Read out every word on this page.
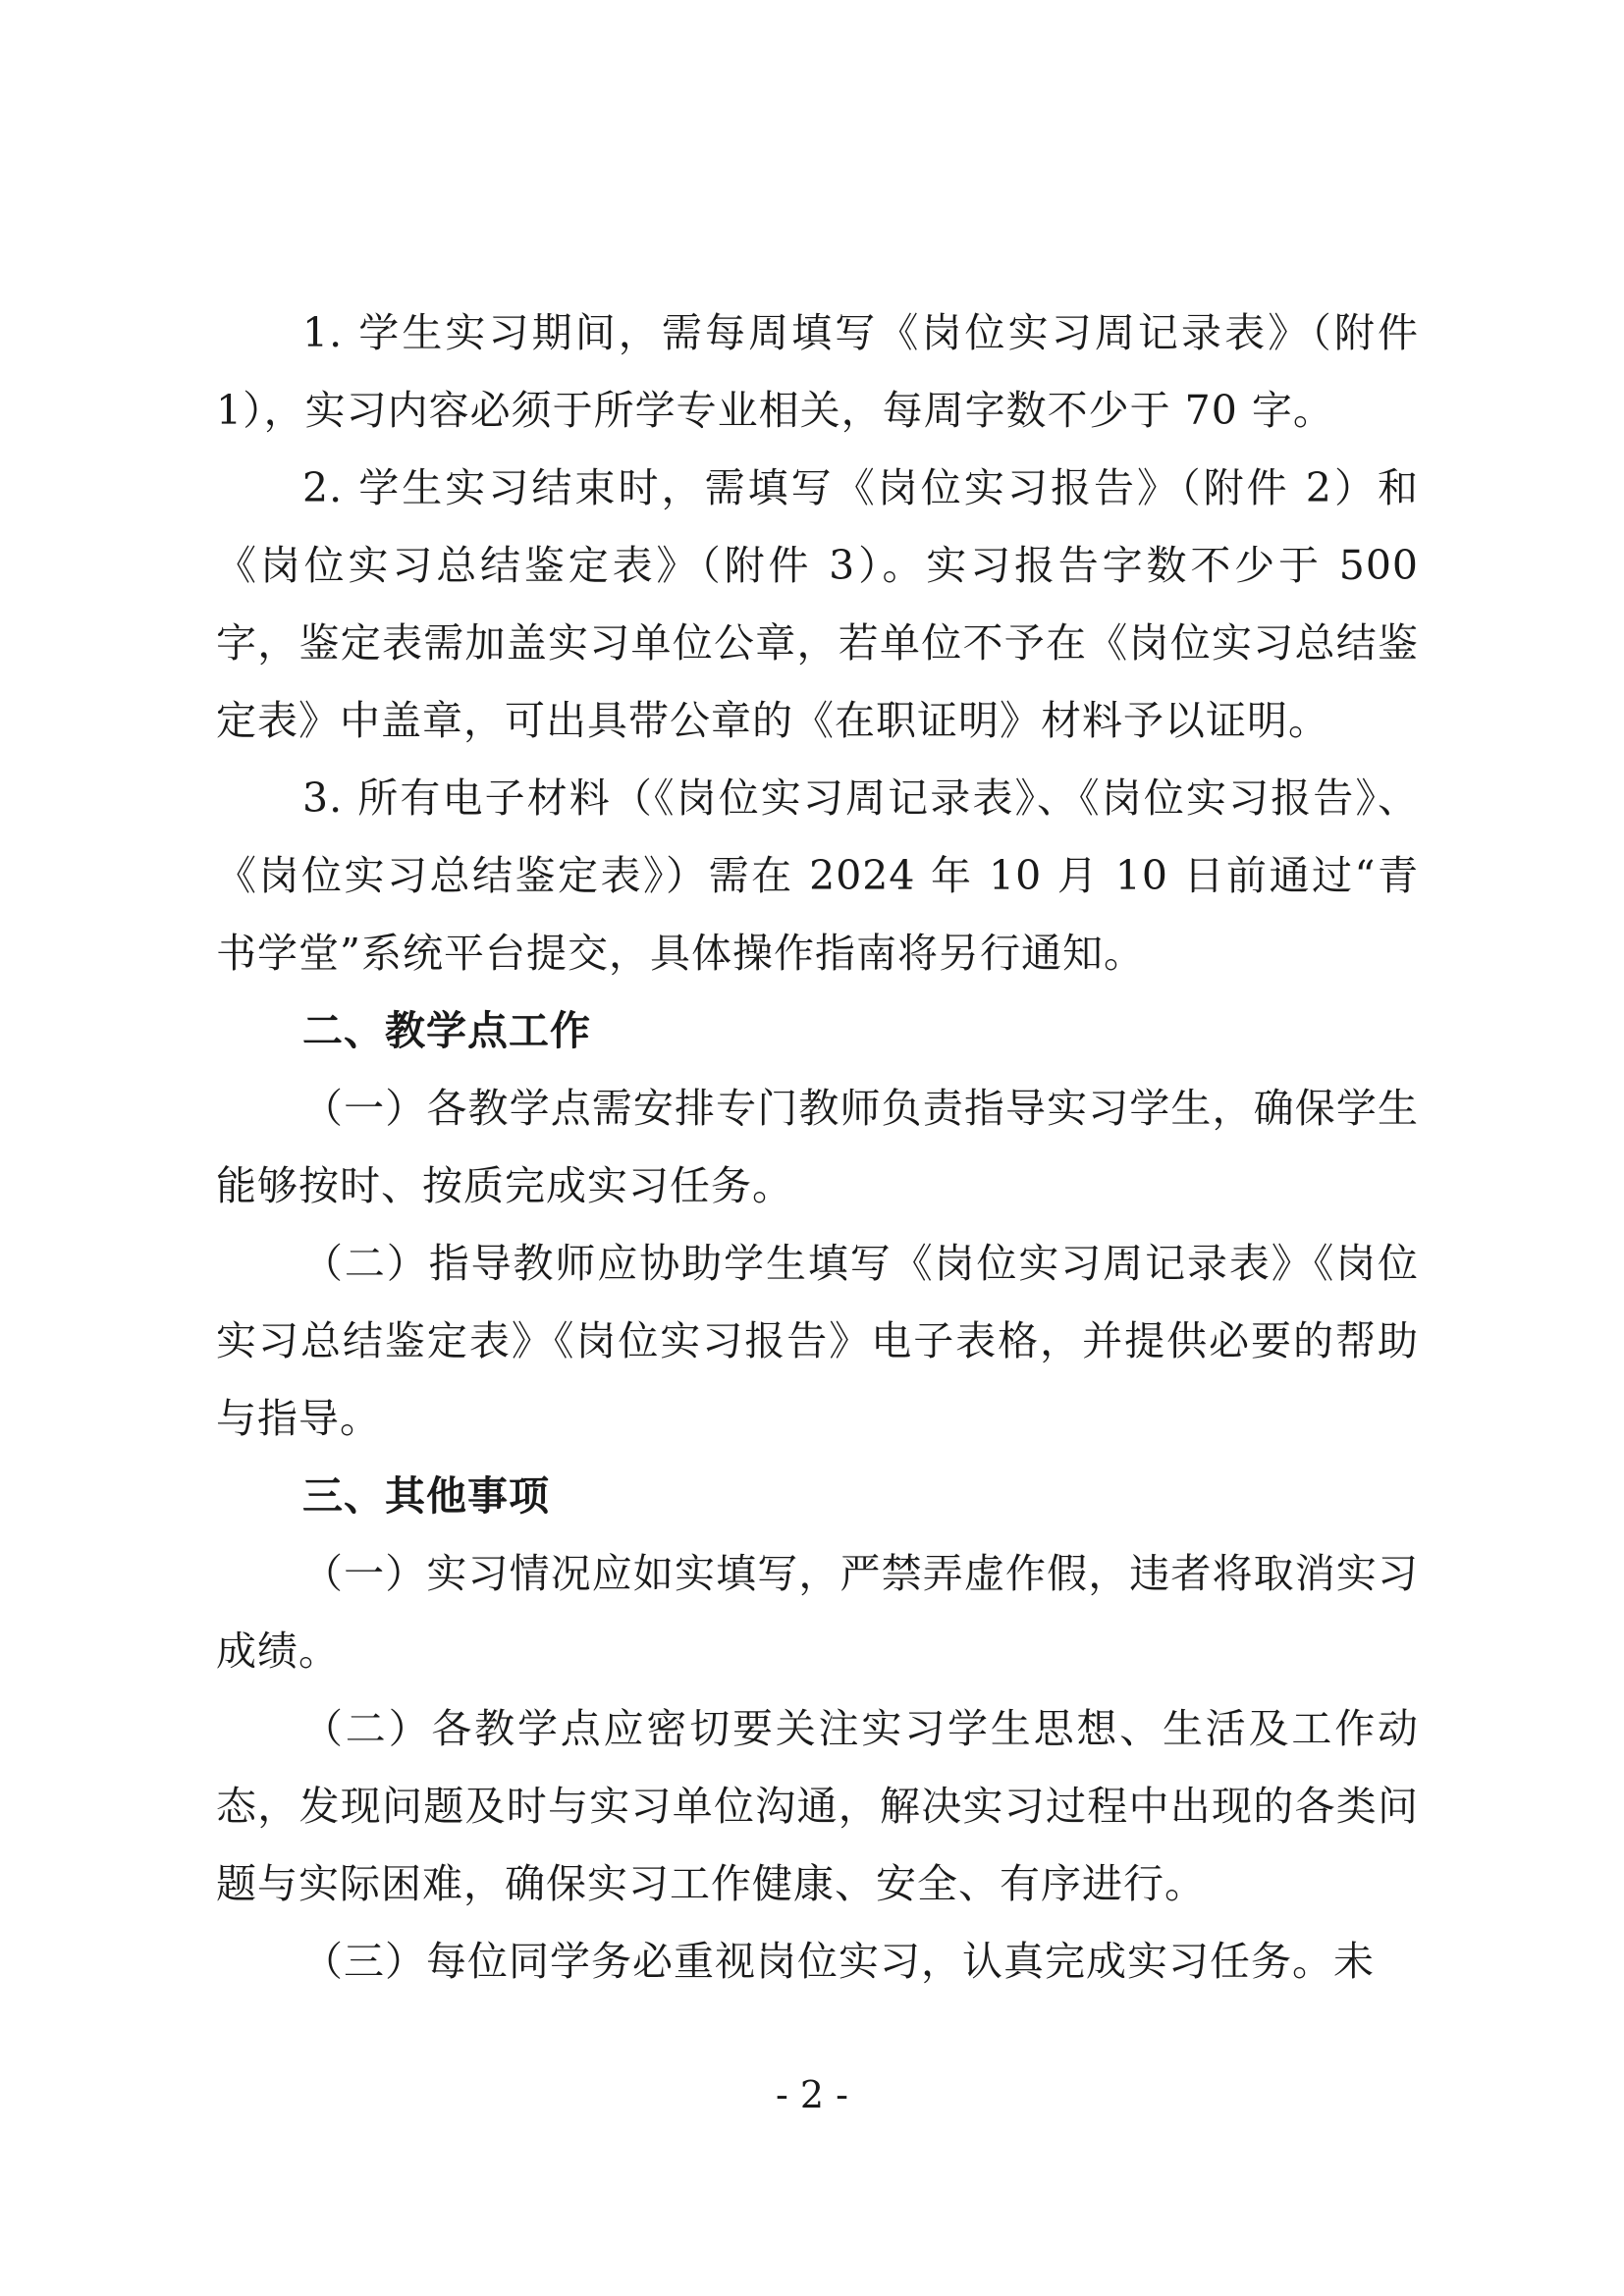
1. 学生实习期间，需每周填写《岗位实习周记录表》（附件 1），实习内容必须于所学专业相关，每周字数不少于 70 字。

2. 学生实习结束时，需填写《岗位实习报告》（附件 2）和《岗位实习总结鉴定表》（附件 3）。实习报告字数不少于 500 字，鉴定表需加盖实习单位公章，若单位不予在《岗位实习总结鉴定表》中盖章，可出具带公章的《在职证明》材料予以证明。

3. 所有电子材料（《岗位实习周记录表》、《岗位实习报告》、《岗位实习总结鉴定表》）需在 2024 年 10 月 10 日前通过“青书学堂”系统平台提交，具体操作指南将另行通知。

二、教学点工作

（一）各教学点需安排专门教师负责指导实习学生，确保学生能够按时、按质完成实习任务。

（二）指导教师应协助学生填写《岗位实习周记录表》《岗位实习总结鉴定表》《岗位实习报告》电子表格，并提供必要的帮助与指导。

三、其他事项

（一）实习情况应如实填写，严禁弄虚作假，违者将取消实习成绩。

（二）各教学点应密切要关注实习学生思想、生活及工作动态，发现问题及时与实习单位沟通，解决实习过程中出现的各类问题与实际困难，确保实习工作健康、安全、有序进行。

（三）每位同学务必重视岗位实习，认真完成实习任务。未

- 2 -
